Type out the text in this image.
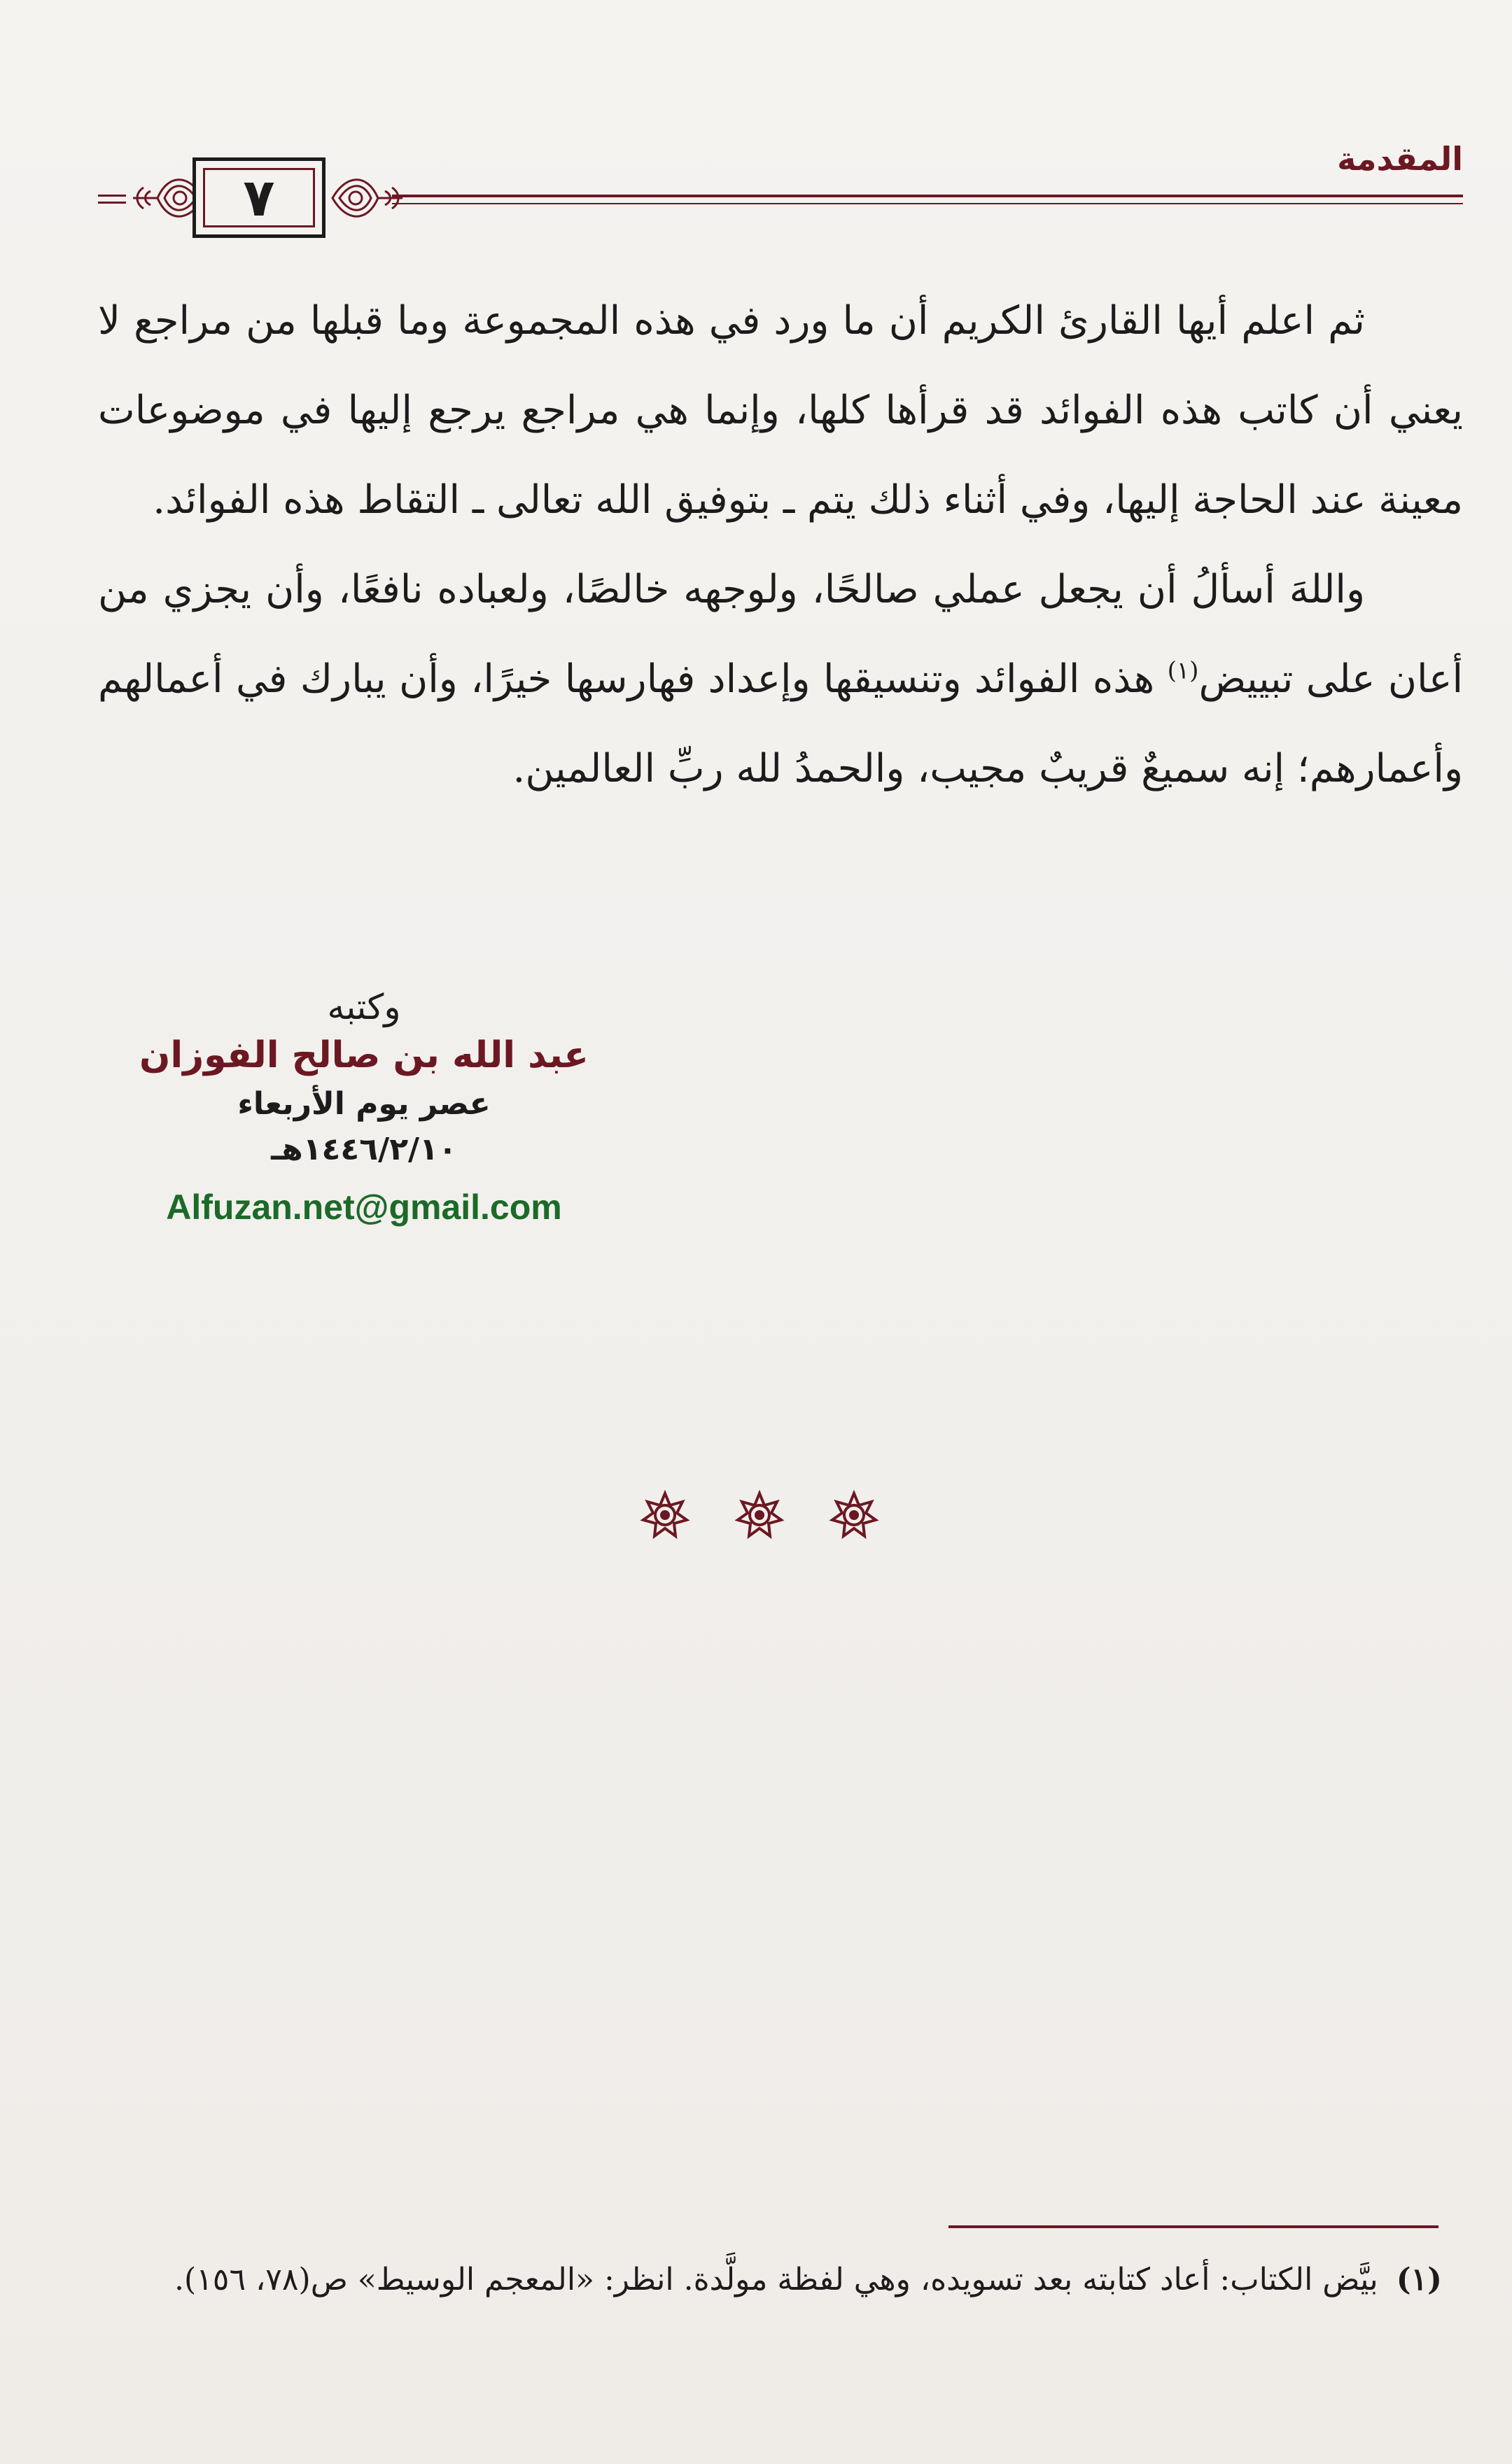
المقدمة
٧

ثم اعلم أيها القارئ الكريم أن ما ورد في هذه المجموعة وما قبلها من مراجع لا يعني أن كاتب هذه الفوائد قد قرأها كلها، وإنما هي مراجع يرجع إليها في موضوعات معينة عند الحاجة إليها، وفي أثناء ذلك يتم ـ بتوفيق الله تعالى ـ التقاط هذه الفوائد.

واللهَ أسألُ أن يجعل عملي صالحًا، ولوجهه خالصًا، ولعباده نافعًا، وأن يجزي من أعان على تبييض$^{(١)}$ هذه الفوائد وتنسيقها وإعداد فهارسها خيرًا، وأن يبارك في أعمالهم وأعمارهم؛ إنه سميعٌ قريبٌ مجيب، والحمدُ لله ربِّ العالمين.

وكتبه
عبد الله بن صالح الفوزان
عصر يوم الأربعاء
١٤٤٦/٢/١٠هـ
Alfuzan.net@gmail.com
(١)بيَّض الكتاب: أعاد كتابته بعد تسويده، وهي لفظة مولَّدة. انظر: «المعجم الوسيط» ص(٧٨، ١٥٦).
